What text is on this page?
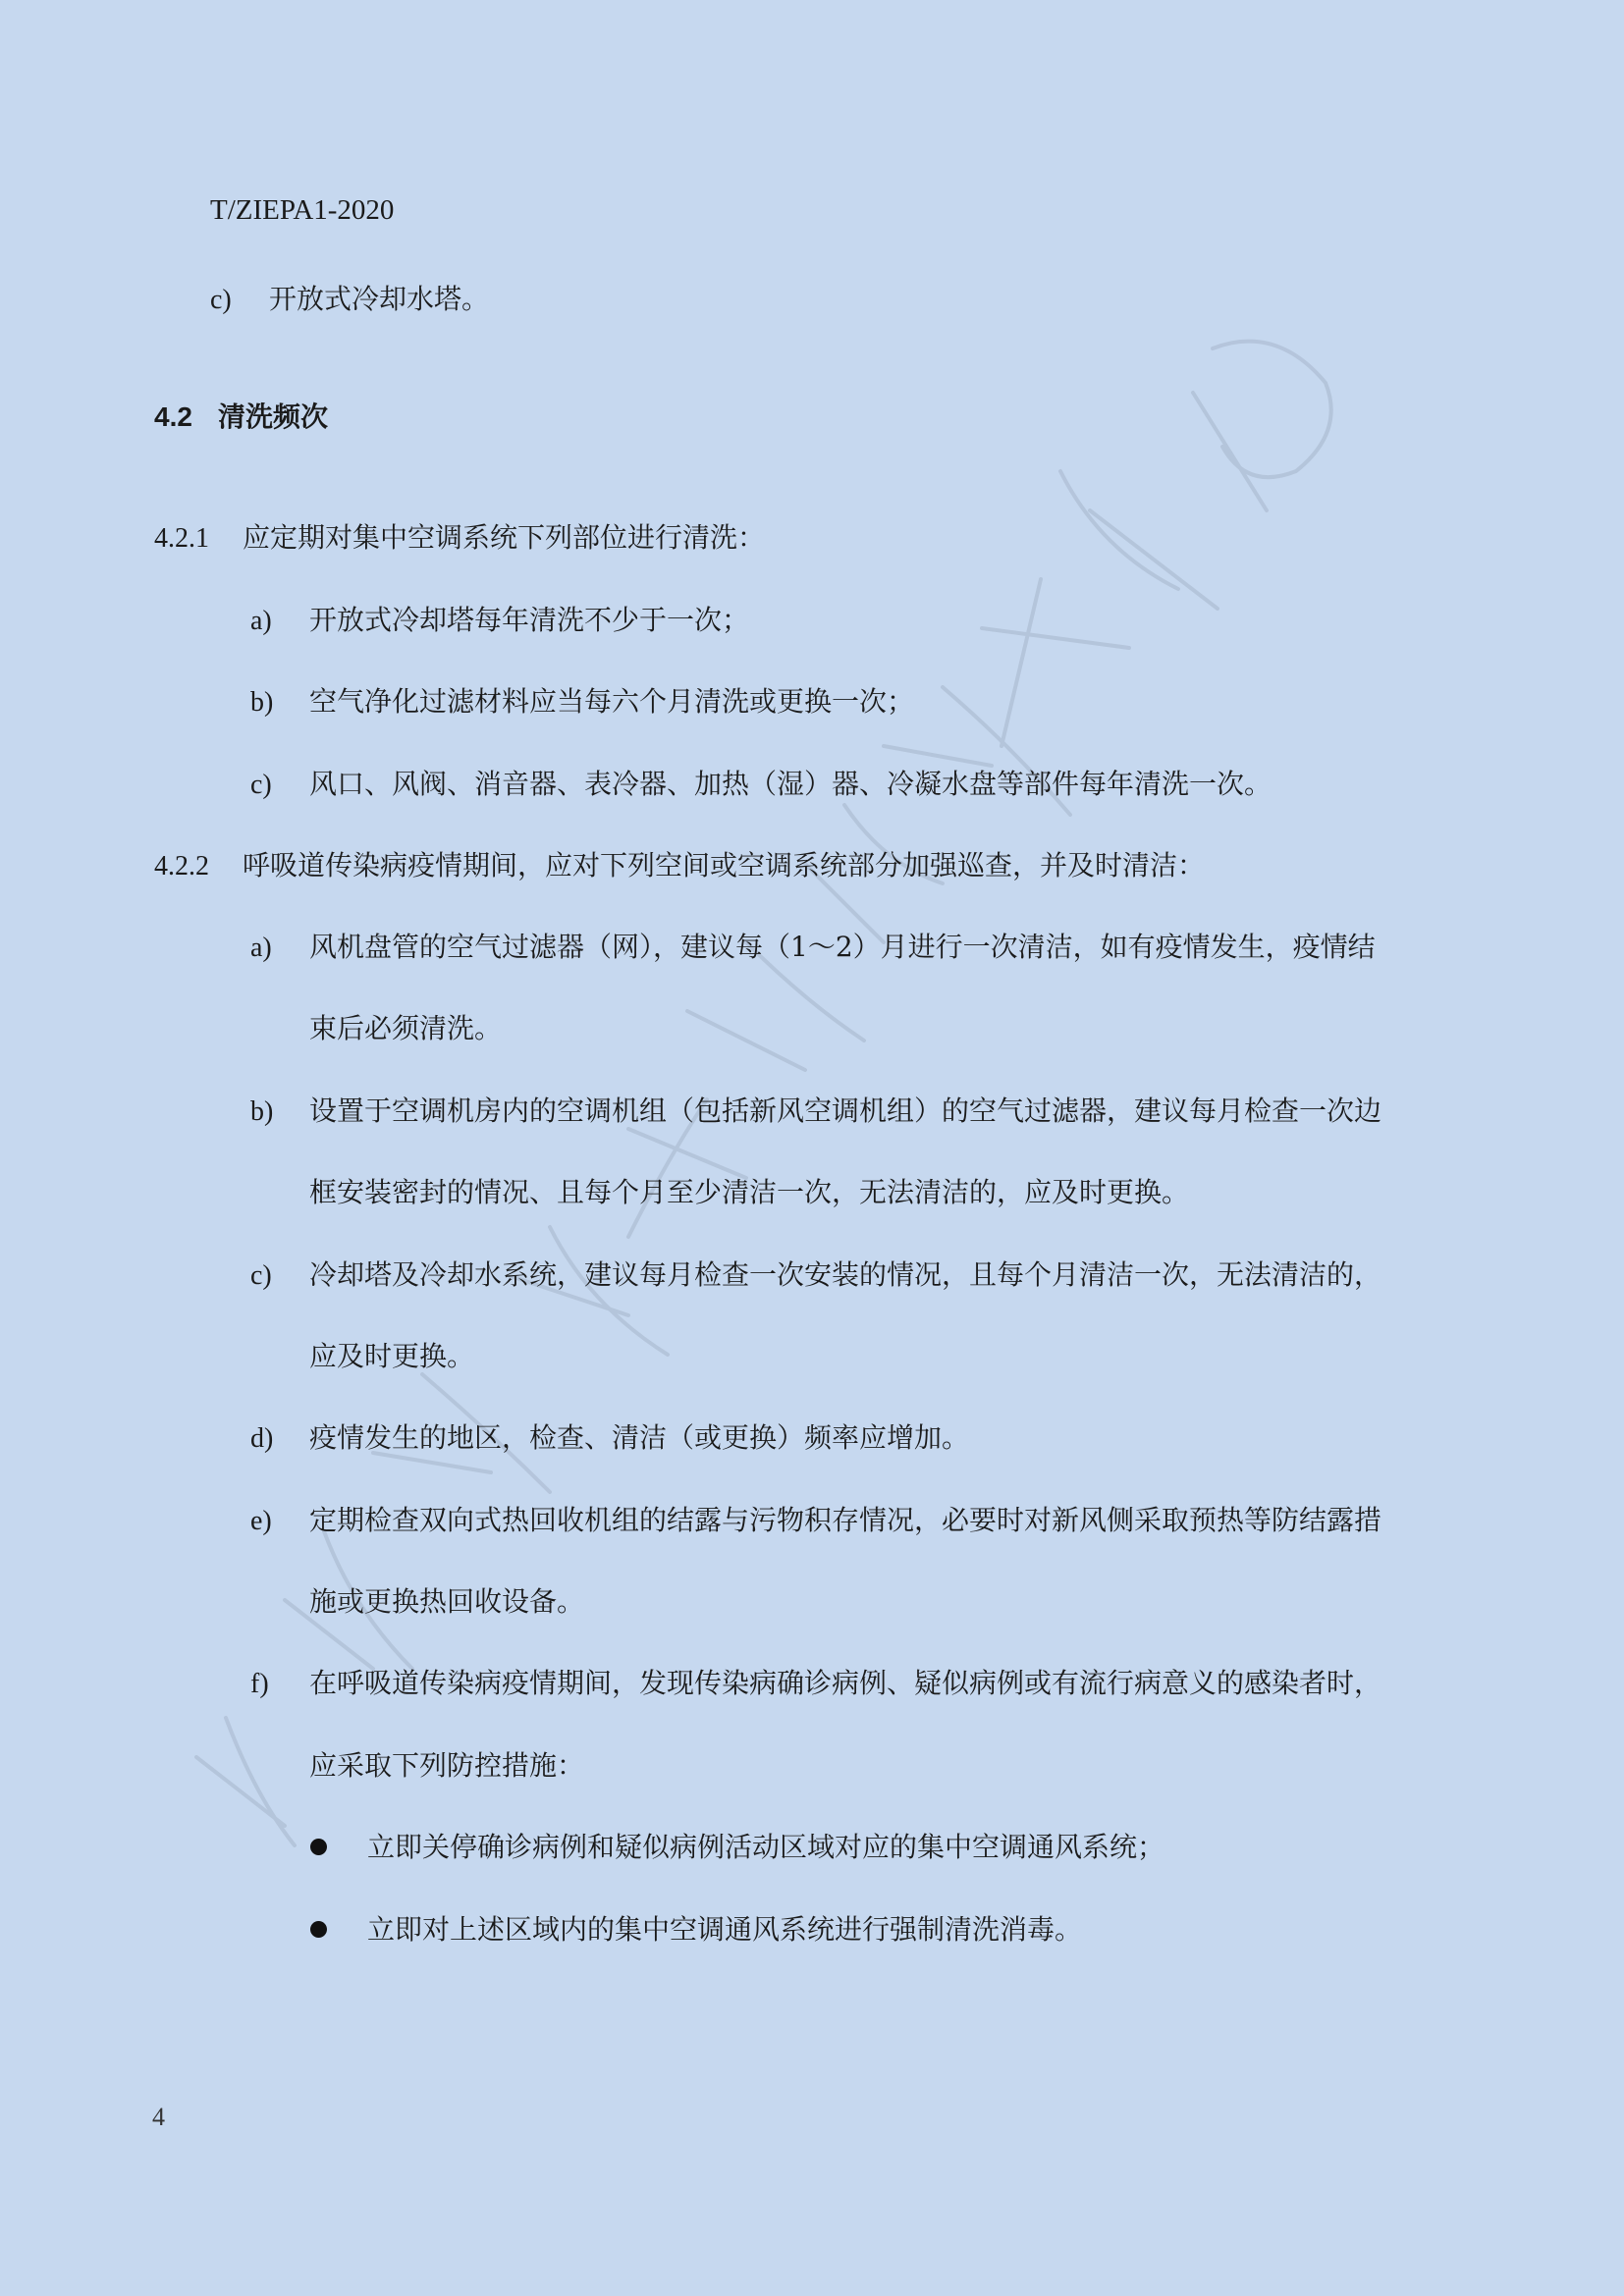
T/ZIEPA1-2020
c) 开放式冷却水塔。
4.2 清洗频次
4.2.1 应定期对集中空调系统下列部位进行清洗：
a) 开放式冷却塔每年清洗不少于一次；
b) 空气净化过滤材料应当每六个月清洗或更换一次；
c) 风口、风阀、消音器、表冷器、加热（湿）器、冷凝水盘等部件每年清洗一次。
4.2.2 呼吸道传染病疫情期间，应对下列空间或空调系统部分加强巡查，并及时清洁：
a) 风机盘管的空气过滤器（网），建议每（1～2）月进行一次清洁，如有疫情发生，疫情结
束后必须清洗。
b) 设置于空调机房内的空调机组（包括新风空调机组）的空气过滤器，建议每月检查一次边
框安装密封的情况、且每个月至少清洁一次，无法清洁的，应及时更换。
c) 冷却塔及冷却水系统，建议每月检查一次安装的情况，且每个月清洁一次，无法清洁的，
应及时更换。
d) 疫情发生的地区，检查、清洁（或更换）频率应增加。
e) 定期检查双向式热回收机组的结露与污物积存情况，必要时对新风侧采取预热等防结露措
施或更换热回收设备。
f) 在呼吸道传染病疫情期间，发现传染病确诊病例、疑似病例或有流行病意义的感染者时，
应采取下列防控措施：
立即关停确诊病例和疑似病例活动区域对应的集中空调通风系统；
立即对上述区域内的集中空调通风系统进行强制清洗消毒。
4
